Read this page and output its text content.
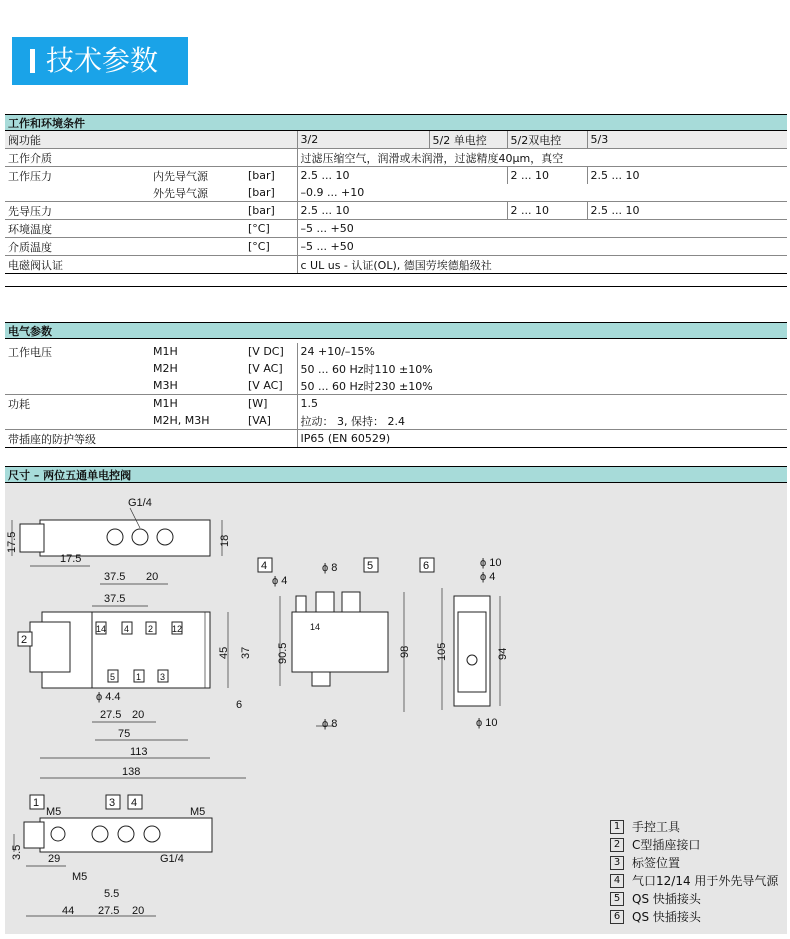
技术参数
工作和环境条件
阀功能			3/2	5/2 单电控	5/2双电控	5/3
工作介质			过滤压缩空气，润滑或未润滑，过滤精度40μm，真空			
工作压力	内先导气源	[bar]	2.5 ... 10		2 ... 10	2.5 ... 10
	外先导气源	[bar]	–0.9 ... +10			
先导压力		[bar]	2.5 ... 10		2 ... 10	2.5 ... 10
环境温度		[°C]	–5 ... +50			
介质温度		[°C]	–5 ... +50			
电磁阀认证			c UL us - 认证(OL), 德国劳埃德船级社			
电气参数
工作电压	M1H	[V DC]	24 +10/–15%
	M2H	[V AC]	50 ... 60 Hz时110 ±10%
	M3H	[V AC]	50 ... 60 Hz时230 ±10%
功耗	M1H	[W]	1.5
	M2H, M3H	[VA]	拉动： 3, 保持： 2.4
带插座的防护等级			IP65 (EN 60529)
尺寸 – 两位五通单电控阀
G1/4
17.5	18
17.5
37.5 20
14	12
4 2
5 1 3
37.5
45 37
6
ϕ 4.4
27.5 20
75
113
138
2
4	5
ϕ 4
ϕ 8
90.5	98
ϕ 8
14
6	ϕ 10
ϕ 4
105	94
ϕ 10
1	3 4
M5	M5
3.5 29	G1/4
M5
5.5
44 27.5 20
1 手控工具
2 C型插座接口
3 标签位置
4 气口12/14 用于外先导气源
5 QS 快插接头
6 QS 快插接头
